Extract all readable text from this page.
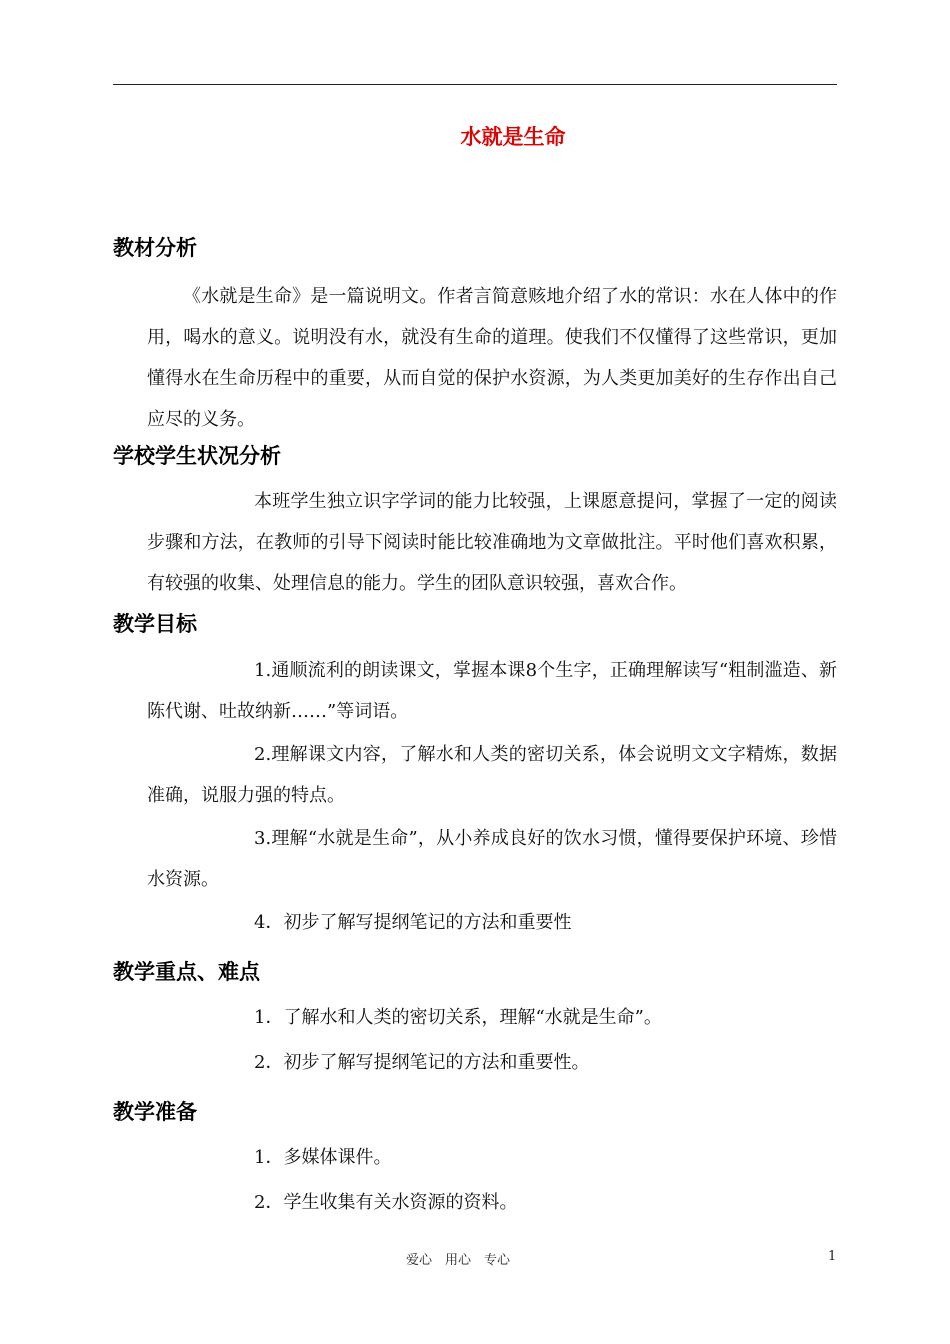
水就是生命
教材分析

《水就是生命》是一篇说明文。作者言简意赅地介绍了水的常识：水在人体中的作用，喝水的意义。说明没有水，就没有生命的道理。使我们不仅懂得了这些常识，更加懂得水在生命历程中的重要，从而自觉的保护水资源，为人类更加美好的生存作出自己应尽的义务。

学校学生状况分析

本班学生独立识字学词的能力比较强，上课愿意提问，掌握了一定的阅读步骤和方法，在教师的引导下阅读时能比较准确地为文章做批注。平时他们喜欢积累，有较强的收集、处理信息的能力。学生的团队意识较强，喜欢合作。

教学目标

1.通顺流利的朗读课文，掌握本课8个生字，正确理解读写“粗制滥造、新陈代谢、吐故纳新……”等词语。

2.理解课文内容，了解水和人类的密切关系，体会说明文文字精炼，数据准确，说服力强的特点。

3.理解“水就是生命”，从小养成良好的饮水习惯，懂得要保护环境、珍惜水资源。

4．初步了解写提纲笔记的方法和重要性

教学重点、难点

1．了解水和人类的密切关系，理解“水就是生命”。

2．初步了解写提纲笔记的方法和重要性。

教学准备

1．多媒体课件。

2．学生收集有关水资源的资料。

爱心　用心　专心	1
